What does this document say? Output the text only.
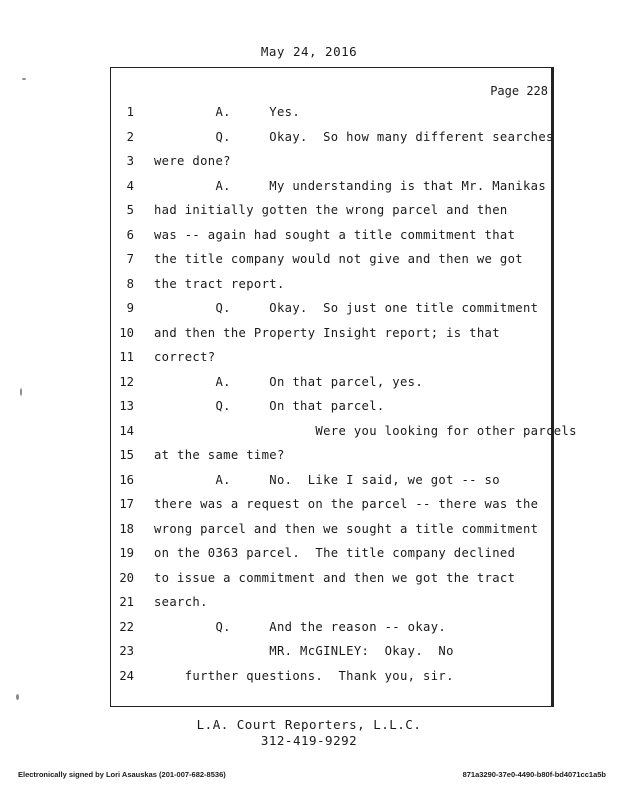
May 24, 2016
Page 228
1 A.     Yes.
2 Q.     Okay.  So how many different searches
3 were done?
4 A.     My understanding is that Mr. Manikas
5 had initially gotten the wrong parcel and then
6 was -- again had sought a title commitment that
7 the title company would not give and then we got
8 the tract report.
9 Q.     Okay.  So just one title commitment
10 and then the Property Insight report; is that
11 correct?
12 A.     On that parcel, yes.
13 Q.     On that parcel.
14 Were you looking for other parcels
15 at the same time?
16 A.     No.  Like I said, we got -- so
17 there was a request on the parcel -- there was the
18 wrong parcel and then we sought a title commitment
19 on the 0363 parcel.  The title company declined
20 to issue a commitment and then we got the tract
21 search.
22 Q.     And the reason -- okay.
23 MR. McGINLEY:  Okay.  No
24 further questions.  Thank you, sir.
L.A. Court Reporters, L.L.C.
312-419-9292
Electronically signed by Lori Asauskas (201-007-682-8536)	871a3290-37e0-4490-b80f-bd4071cc1a5b
